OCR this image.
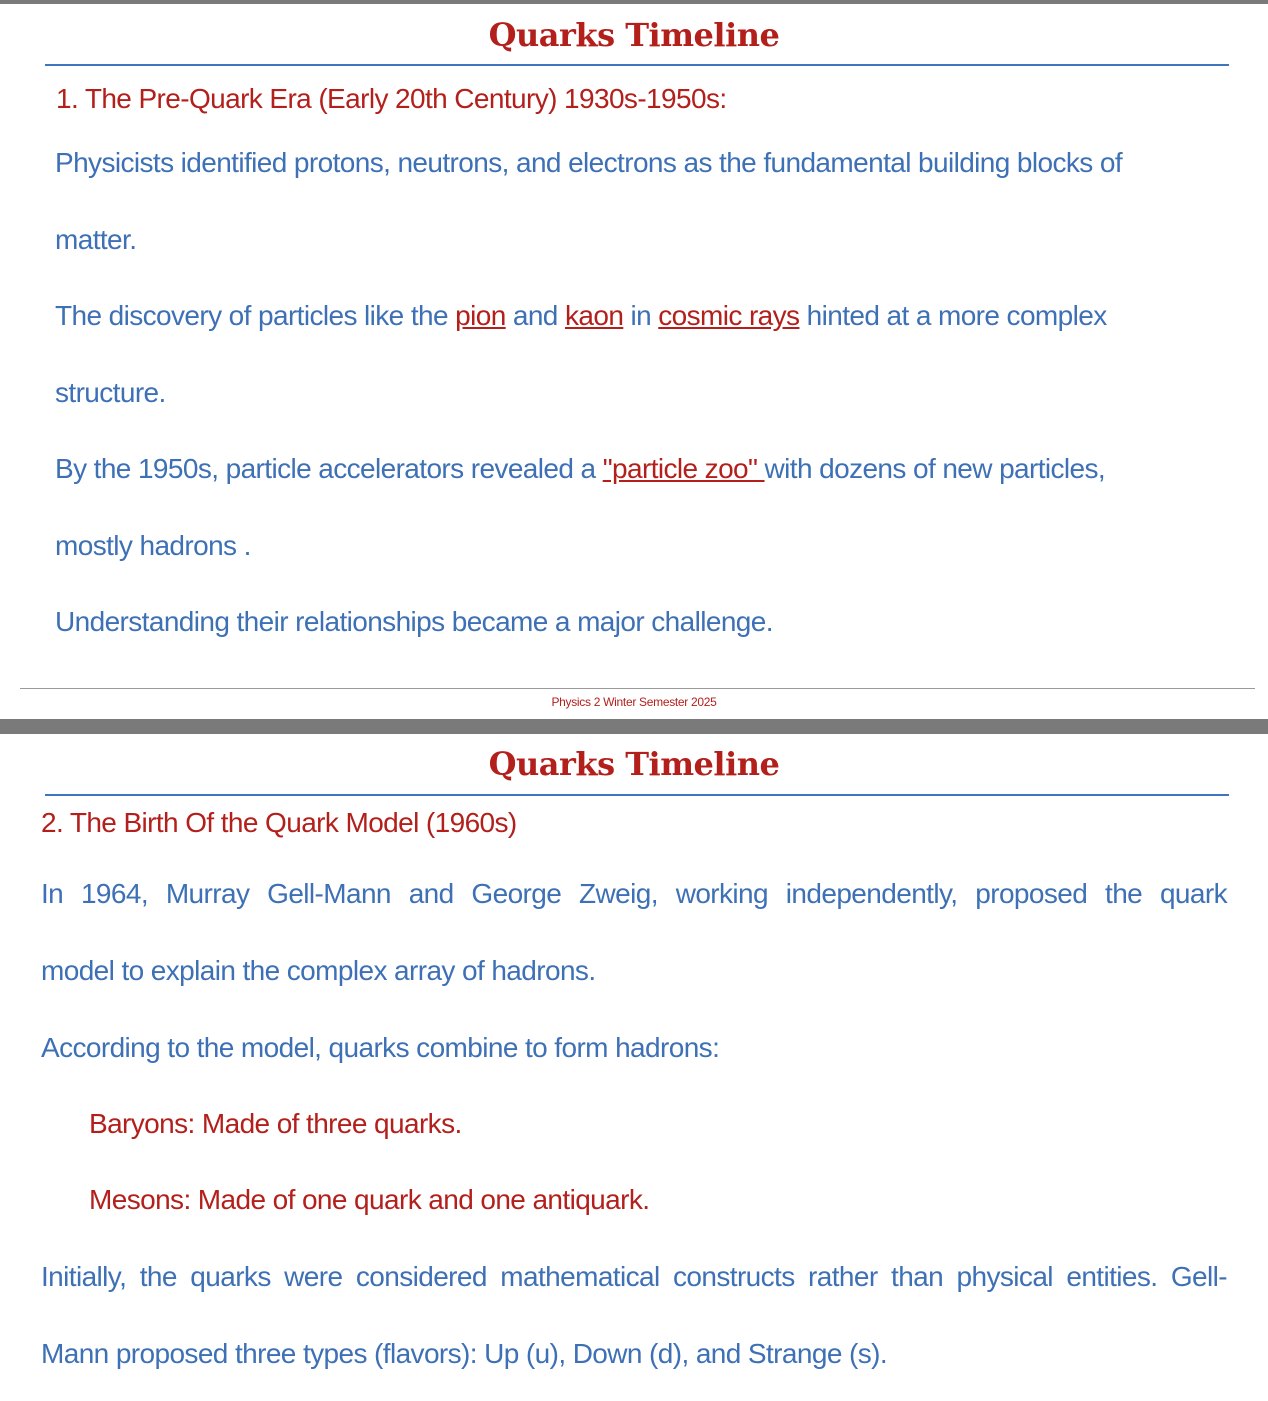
Quarks Timeline

1. The Pre-Quark Era (Early 20th Century) 1930s-1950s:

Physicists identified protons, neutrons, and electrons as the fundamental building blocks of

matter.

The discovery of particles like the pion and kaon in cosmic rays hinted at a more complex

structure.

By the 1950s, particle accelerators revealed a "particle zoo" with dozens of new particles,

mostly hadrons .

Understanding their relationships became a major challenge.

Physics 2 Winter Semester 2025
Quarks Timeline

2. The Birth Of the Quark Model (1960s)

In 1964, Murray Gell-Mann and George Zweig, working independently, proposed the quark

model to explain the complex array of hadrons.

According to the model, quarks combine to form hadrons:

Baryons: Made of three quarks.

Mesons: Made of one quark and one antiquark.

Initially, the quarks were considered mathematical constructs rather than physical entities. Gell-

Mann proposed three types (flavors): Up (u), Down (d), and Strange (s).
